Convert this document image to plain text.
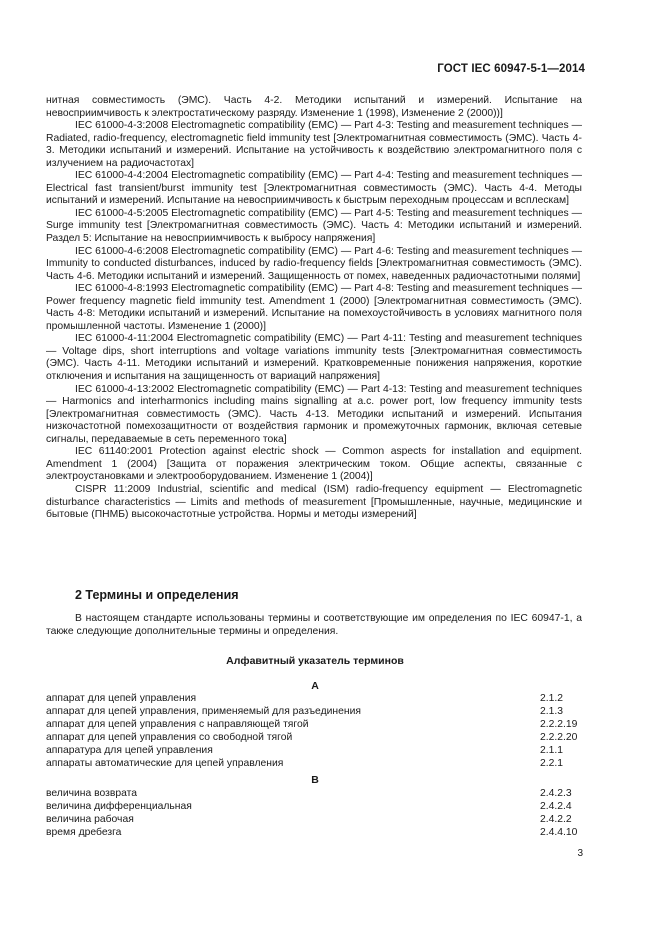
ГОСТ IEC 60947-5-1—2014

нитная совместимость (ЭМС). Часть 4-2. Методики испытаний и измерений. Испытание на невосприимчивость к электростатическому разряду. Изменение 1 (1998), Изменение 2 (2000))]

IEC 61000-4-3:2008 Electromagnetic compatibility (EMC) — Part 4-3: Testing and measurement techniques — Radiated, radio-frequency, electromagnetic field immunity test [Электромагнитная совместимость (ЭМС). Часть 4-3. Методики испытаний и измерений. Испытание на устойчивость к воздействию электромагнитного поля с излучением на радиочастотах]

IEC 61000-4-4:2004 Electromagnetic compatibility (EMC) — Part 4-4: Testing and measurement techniques — Electrical fast transient/burst immunity test [Электромагнитная совместимость (ЭМС). Часть 4-4. Методы испытаний и измерений. Испытание на невосприимчивость к быстрым переходным процессам и всплескам]

IEC 61000-4-5:2005 Electromagnetic compatibility (EMC) — Part 4-5: Testing and measurement techniques — Surge immunity test [Электромагнитная совместимость (ЭМС). Часть 4: Методики испытаний и измерений. Раздел 5: Испытание на невосприимчивость к выбросу напряжения]

IEC 61000-4-6:2008 Electromagnetic compatibility (EMC) — Part 4-6: Testing and measurement techniques — Immunity to conducted disturbances, induced by radio-frequency fields [Электромагнитная совместимость (ЭМС). Часть 4-6. Методики испытаний и измерений. Защищенность от помех, наведенных радиочастотными полями]

IEC 61000-4-8:1993 Electromagnetic compatibility (EMC) — Part 4-8: Testing and measurement techniques — Power frequency magnetic field immunity test. Amendment 1 (2000) [Электромагнитная совместимость (ЭМС). Часть 4-8: Методики испытаний и измерений. Испытание на помехоустойчивость в условиях магнитного поля промышленной частоты. Изменение 1 (2000)]

IEC 61000-4-11:2004 Electromagnetic compatibility (EMC) — Part 4-11: Testing and measurement techniques — Voltage dips, short interruptions and voltage variations immunity tests [Электромагнитная совместимость (ЭМС). Часть 4-11. Методики испытаний и измерений. Кратковременные понижения напряжения, короткие отключения и испытания на защищенность от вариаций напряжения]

IEC 61000-4-13:2002 Electromagnetic compatibility (EMC) — Part 4-13: Testing and measurement techniques — Harmonics and interharmonics including mains signalling at a.c. power port, low frequency immunity tests [Электромагнитная совместимость (ЭМС). Часть 4-13. Методики испытаний и измерений. Испытания низкочастотной помехозащитности от воздействия гармоник и промежуточных гармоник, включая сетевые сигналы, передаваемые в сеть переменного тока]

IEC 61140:2001 Protection against electric shock — Common aspects for installation and equipment. Amendment 1 (2004) [Защита от поражения электрическим током. Общие аспекты, связанные с электроустановками и электрооборудованием. Изменение 1 (2004)]

CISPR 11:2009 Industrial, scientific and medical (ISM) radio-frequency equipment — Electromagnetic disturbance characteristics — Limits and methods of measurement [Промышленные, научные, медицинские и бытовые (ПНМБ) высокочастотные устройства. Нормы и методы измерений]

2 Термины и определения

В настоящем стандарте использованы термины и соответствующие им определения по IEC 60947-1, а также следующие дополнительные термины и определения.

Алфавитный указатель терминов
А
аппарат для цепей управления	2.1.2
аппарат для цепей управления, применяемый для разъединения	2.1.3
аппарат для цепей управления с направляющей тягой	2.2.2.19
аппарат для цепей управления со свободной тягой	2.2.2.20
аппаратура для цепей управления	2.1.1
аппараты автоматические для цепей управления	2.2.1
В
величина возврата	2.4.2.3
величина дифференциальная	2.4.2.4
величина рабочая	2.4.2.2
время дребезга	2.4.4.10
3
